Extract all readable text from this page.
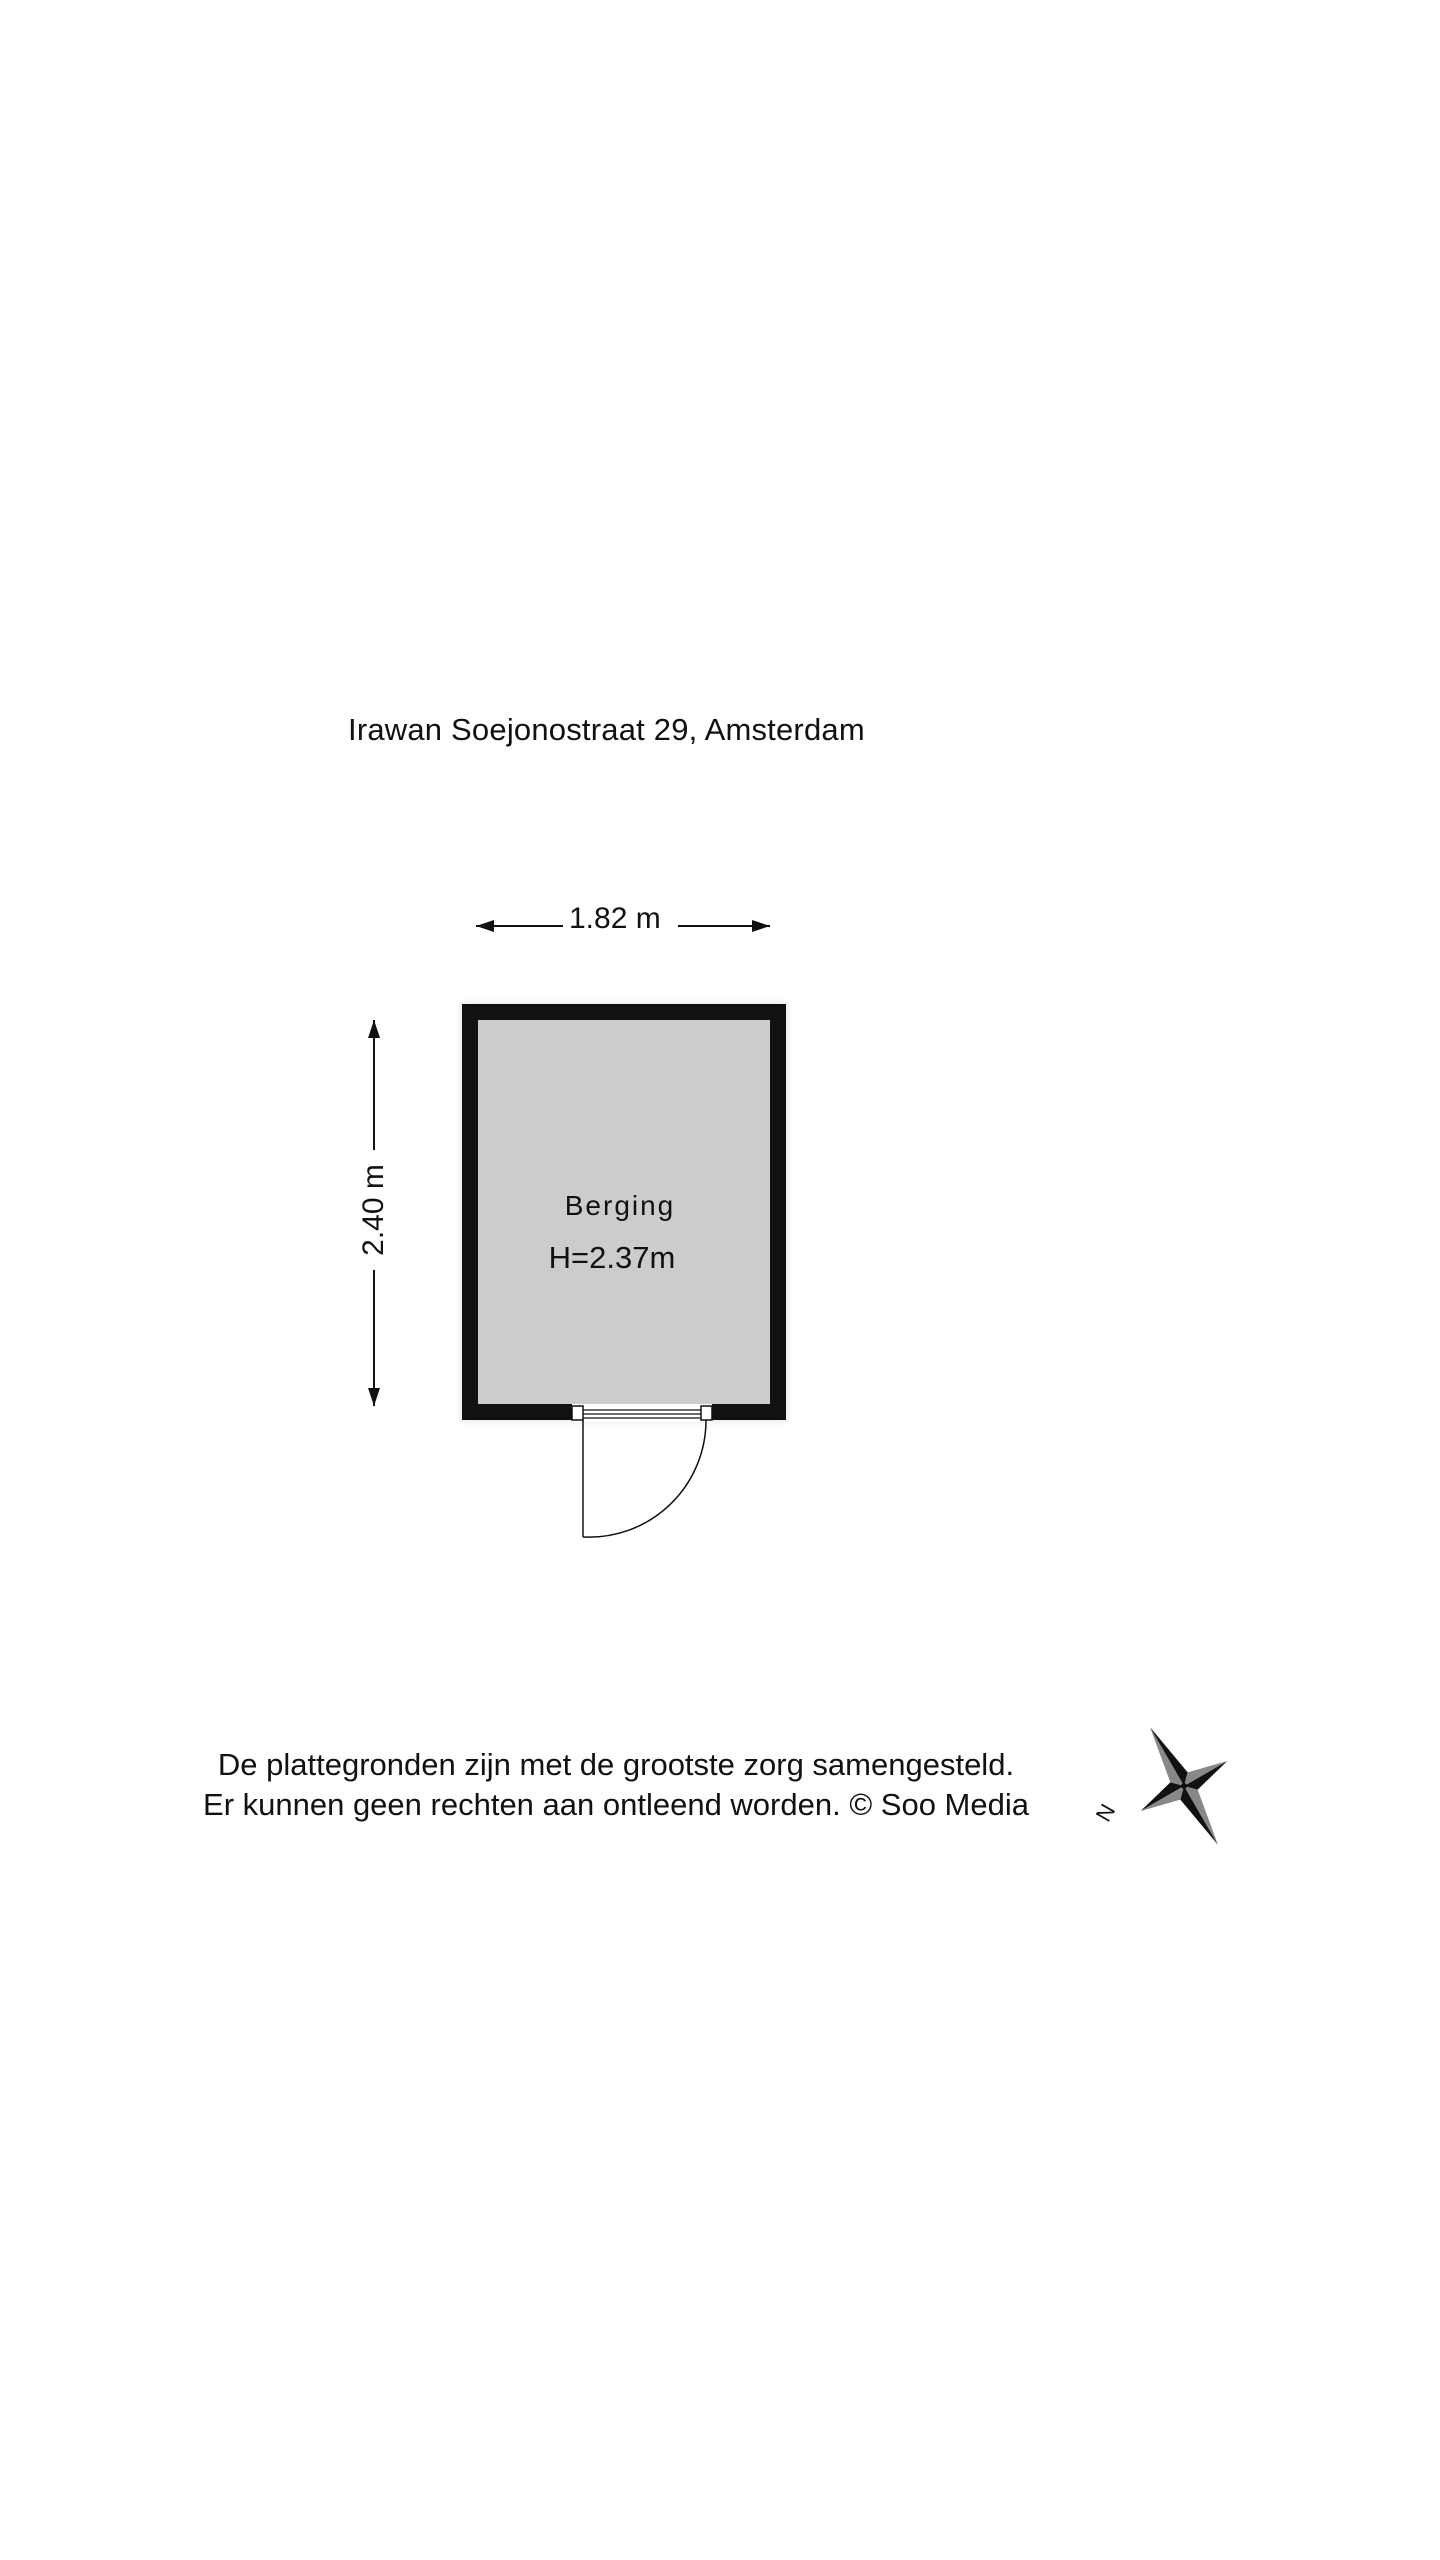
Irawan Soejonostraat 29, Amsterdam
1.82 m
2.40 m	Berging
H=2.37m
N
De plattegronden zijn met de grootste zorg samengesteld.
Er kunnen geen rechten aan ontleend worden. © Soo Media
